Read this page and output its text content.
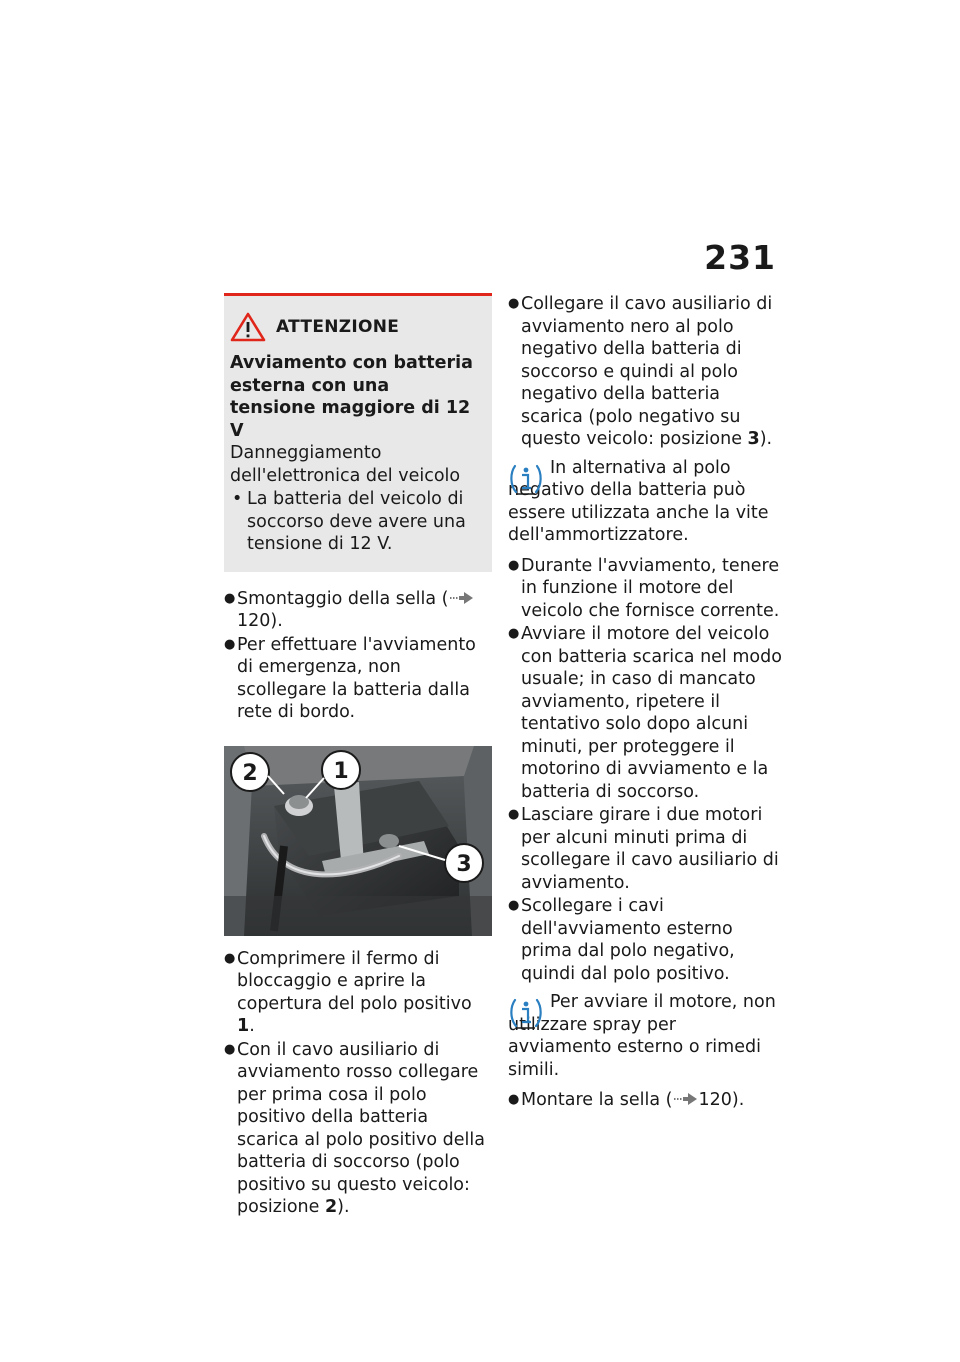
231
ATTENZIONE
Avviamento con batteria esterna con una tensione maggiore di 12 V
Danneggiamento dell'elettronica del veicolo
• La batteria del veicolo di soccorso deve avere una tensione di 12 V.
● Smontaggio della sella (120).
● Per effettuare l'avviamento di emergenza, non scollegare la batteria dalla rete di bordo.
2	1
3
● Comprimere il fermo di bloccaggio e aprire la copertura del polo positivo 1.
● Con il cavo ausiliario di avviamento rosso collegare per prima cosa il polo positivo della batteria scarica al polo positivo della batteria di soccorso (polo positivo su questo veicolo: posizione 2).
● Collegare il cavo ausiliario di avviamento nero al polo negativo della batteria di soccorso e quindi al polo negativo della batteria scarica (polo negativo su questo veicolo: posizione 3).
In alternativa al polo negativo della batteria può essere utilizzata anche la vite dell'ammortizzatore.
● Durante l'avviamento, tenere in funzione il motore del veicolo che fornisce corrente.
● Avviare il motore del veicolo con batteria scarica nel modo usuale; in caso di mancato avviamento, ripetere il tentativo solo dopo alcuni minuti, per proteggere il motorino di avviamento e la batteria di soccorso.
● Lasciare girare i due motori per alcuni minuti prima di scollegare il cavo ausiliario di avviamento.
● Scollegare i cavi dell'avviamento esterno prima dal polo negativo, quindi dal polo positivo.
Per avviare il motore, non utilizzare spray per avviamento esterno o rimedi simili.
● Montare la sella ( 120).
